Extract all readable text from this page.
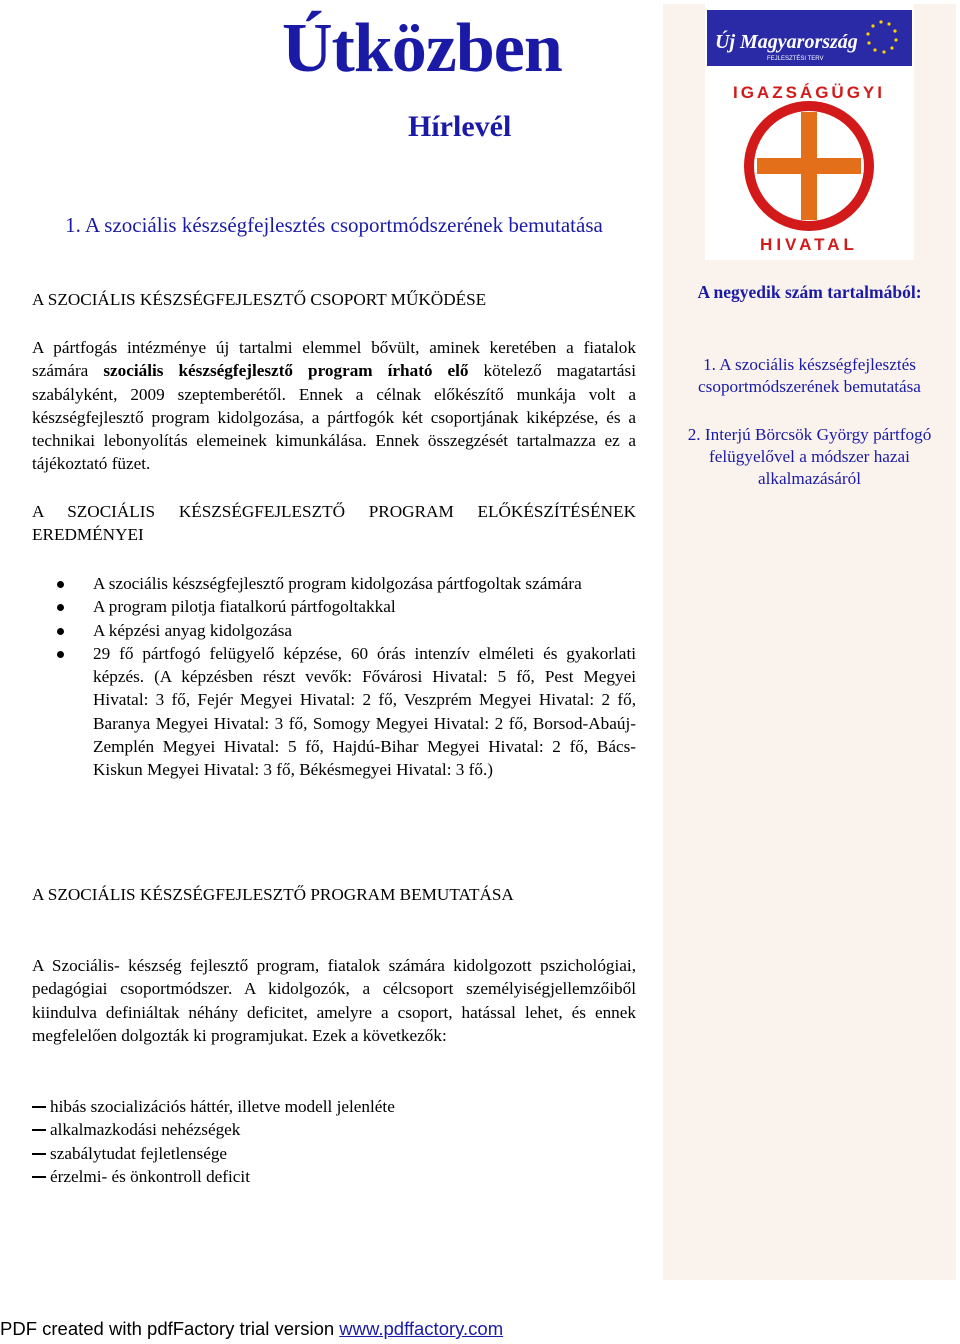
Útközben
Hírlevél
Új Magyarország
FEJLESZTÉSI TERV
IGAZSÁGÜGYI
HIVATAL
A negyedik szám tartalmából:
1. A szociális készségfejlesztés csoportmódszerének bemutatása
2. Interjú Börcsök György pártfogó felügyelővel a módszer hazai alkalmazásáról
1. A szociális készségfejlesztés csoportmódszerének bemutatása
A SZOCIÁLIS KÉSZSÉGFEJLESZTŐ CSOPORT MŰKÖDÉSE
A pártfogás intézménye új tartalmi elemmel bővült, aminek keretében a fiatalok számára szociális készségfejlesztő program írható elő kötelező magatartási szabályként, 2009 szeptemberétől. Ennek a célnak előkészítő munkája volt a készségfejlesztő program kidolgozása, a pártfogók két csoportjának kiképzése, és a technikai lebonyolítás elemeinek kimunkálása. Ennek összegzését tartalmazza ez a tájékoztató füzet.
A SZOCIÁLIS KÉSZSÉGFEJLESZTŐ PROGRAM ELŐKÉSZÍTÉSÉNEK EREDMÉNYEI
A szociális készségfejlesztő program kidolgozása pártfogoltak számára
A program pilotja fiatalkorú pártfogoltakkal
A képzési anyag kidolgozása
29 fő pártfogó felügyelő képzése, 60 órás intenzív elméleti és gyakorlati képzés. (A képzésben részt vevők: Fővárosi Hivatal: 5 fő, Pest Megyei Hivatal: 3 fő, Fejér Megyei Hivatal: 2 fő, Veszprém Megyei Hivatal: 2 fő, Baranya Megyei Hivatal: 3 fő, Somogy Megyei Hivatal: 2 fő, Borsod-Abaúj-Zemplén Megyei Hivatal: 5 fő, Hajdú-Bihar Megyei Hivatal: 2 fő, Bács-Kiskun Megyei Hivatal: 3 fő, Békésmegyei Hivatal: 3 fő.)
A SZOCIÁLIS KÉSZSÉGFEJLESZTŐ PROGRAM BEMUTATÁSA
A Szociális- készség fejlesztő program, fiatalok számára kidolgozott pszichológiai, pedagógiai csoportmódszer. A kidolgozók, a célcsoport személyiségjellemzőiből kiindulva definiáltak néhány deficitet, amelyre a csoport, hatással lehet, és ennek megfelelően dolgozták ki programjukat. Ezek a következők:
hibás szocializációs háttér, illetve modell jelenléte
alkalmazkodási nehézségek
szabálytudat fejletlensége
érzelmi- és önkontroll deficit
PDF created with pdfFactory trial version www.pdffactory.com
